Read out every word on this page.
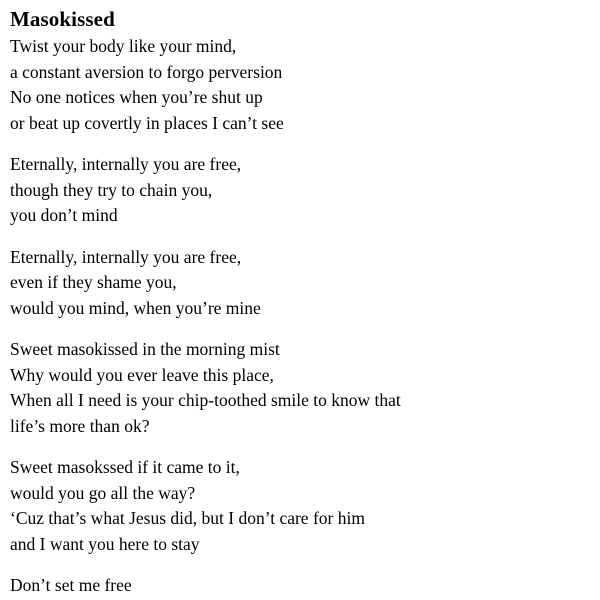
Masokissed
Twist your body like your mind,
a constant aversion to forgo perversion
No one notices when you’re shut up
or beat up covertly in places I can’t see
Eternally, internally you are free,
though they try to chain you,
you don’t mind
Eternally, internally you are free,
even if they shame you,
would you mind, when you’re mine
Sweet masokissed in the morning mist
Why would you ever leave this place,
When all I need is your chip-toothed smile to know that
life’s more than ok?
Sweet masokssed if it came to it,
would you go all the way?
‘Cuz that’s what Jesus did, but I don’t care for him
and I want you here to stay
Don’t set me free
